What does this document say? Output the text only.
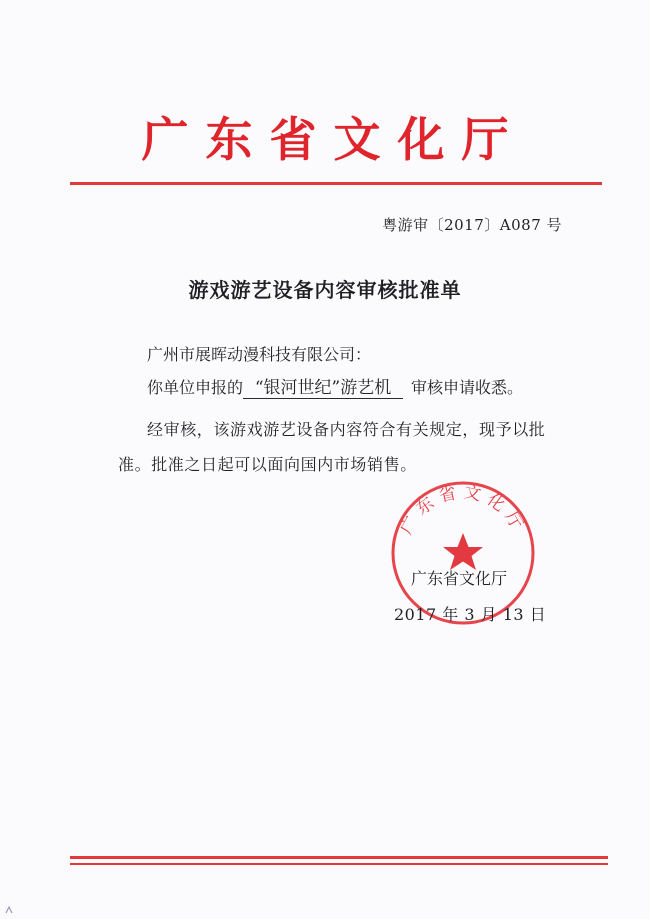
广东省文化厅
粤游审〔2017〕A087 号
游戏游艺设备内容审核批准单
广州市展晖动漫科技有限公司：
你单位申报的 “银河世纪”游艺机 审核申请收悉。
经审核，该游戏游艺设备内容符合有关规定，现予以批
准。批准之日起可以面向国内市场销售。
广东省文化厅
广东省文化厅
2017 年 3 月 13 日
